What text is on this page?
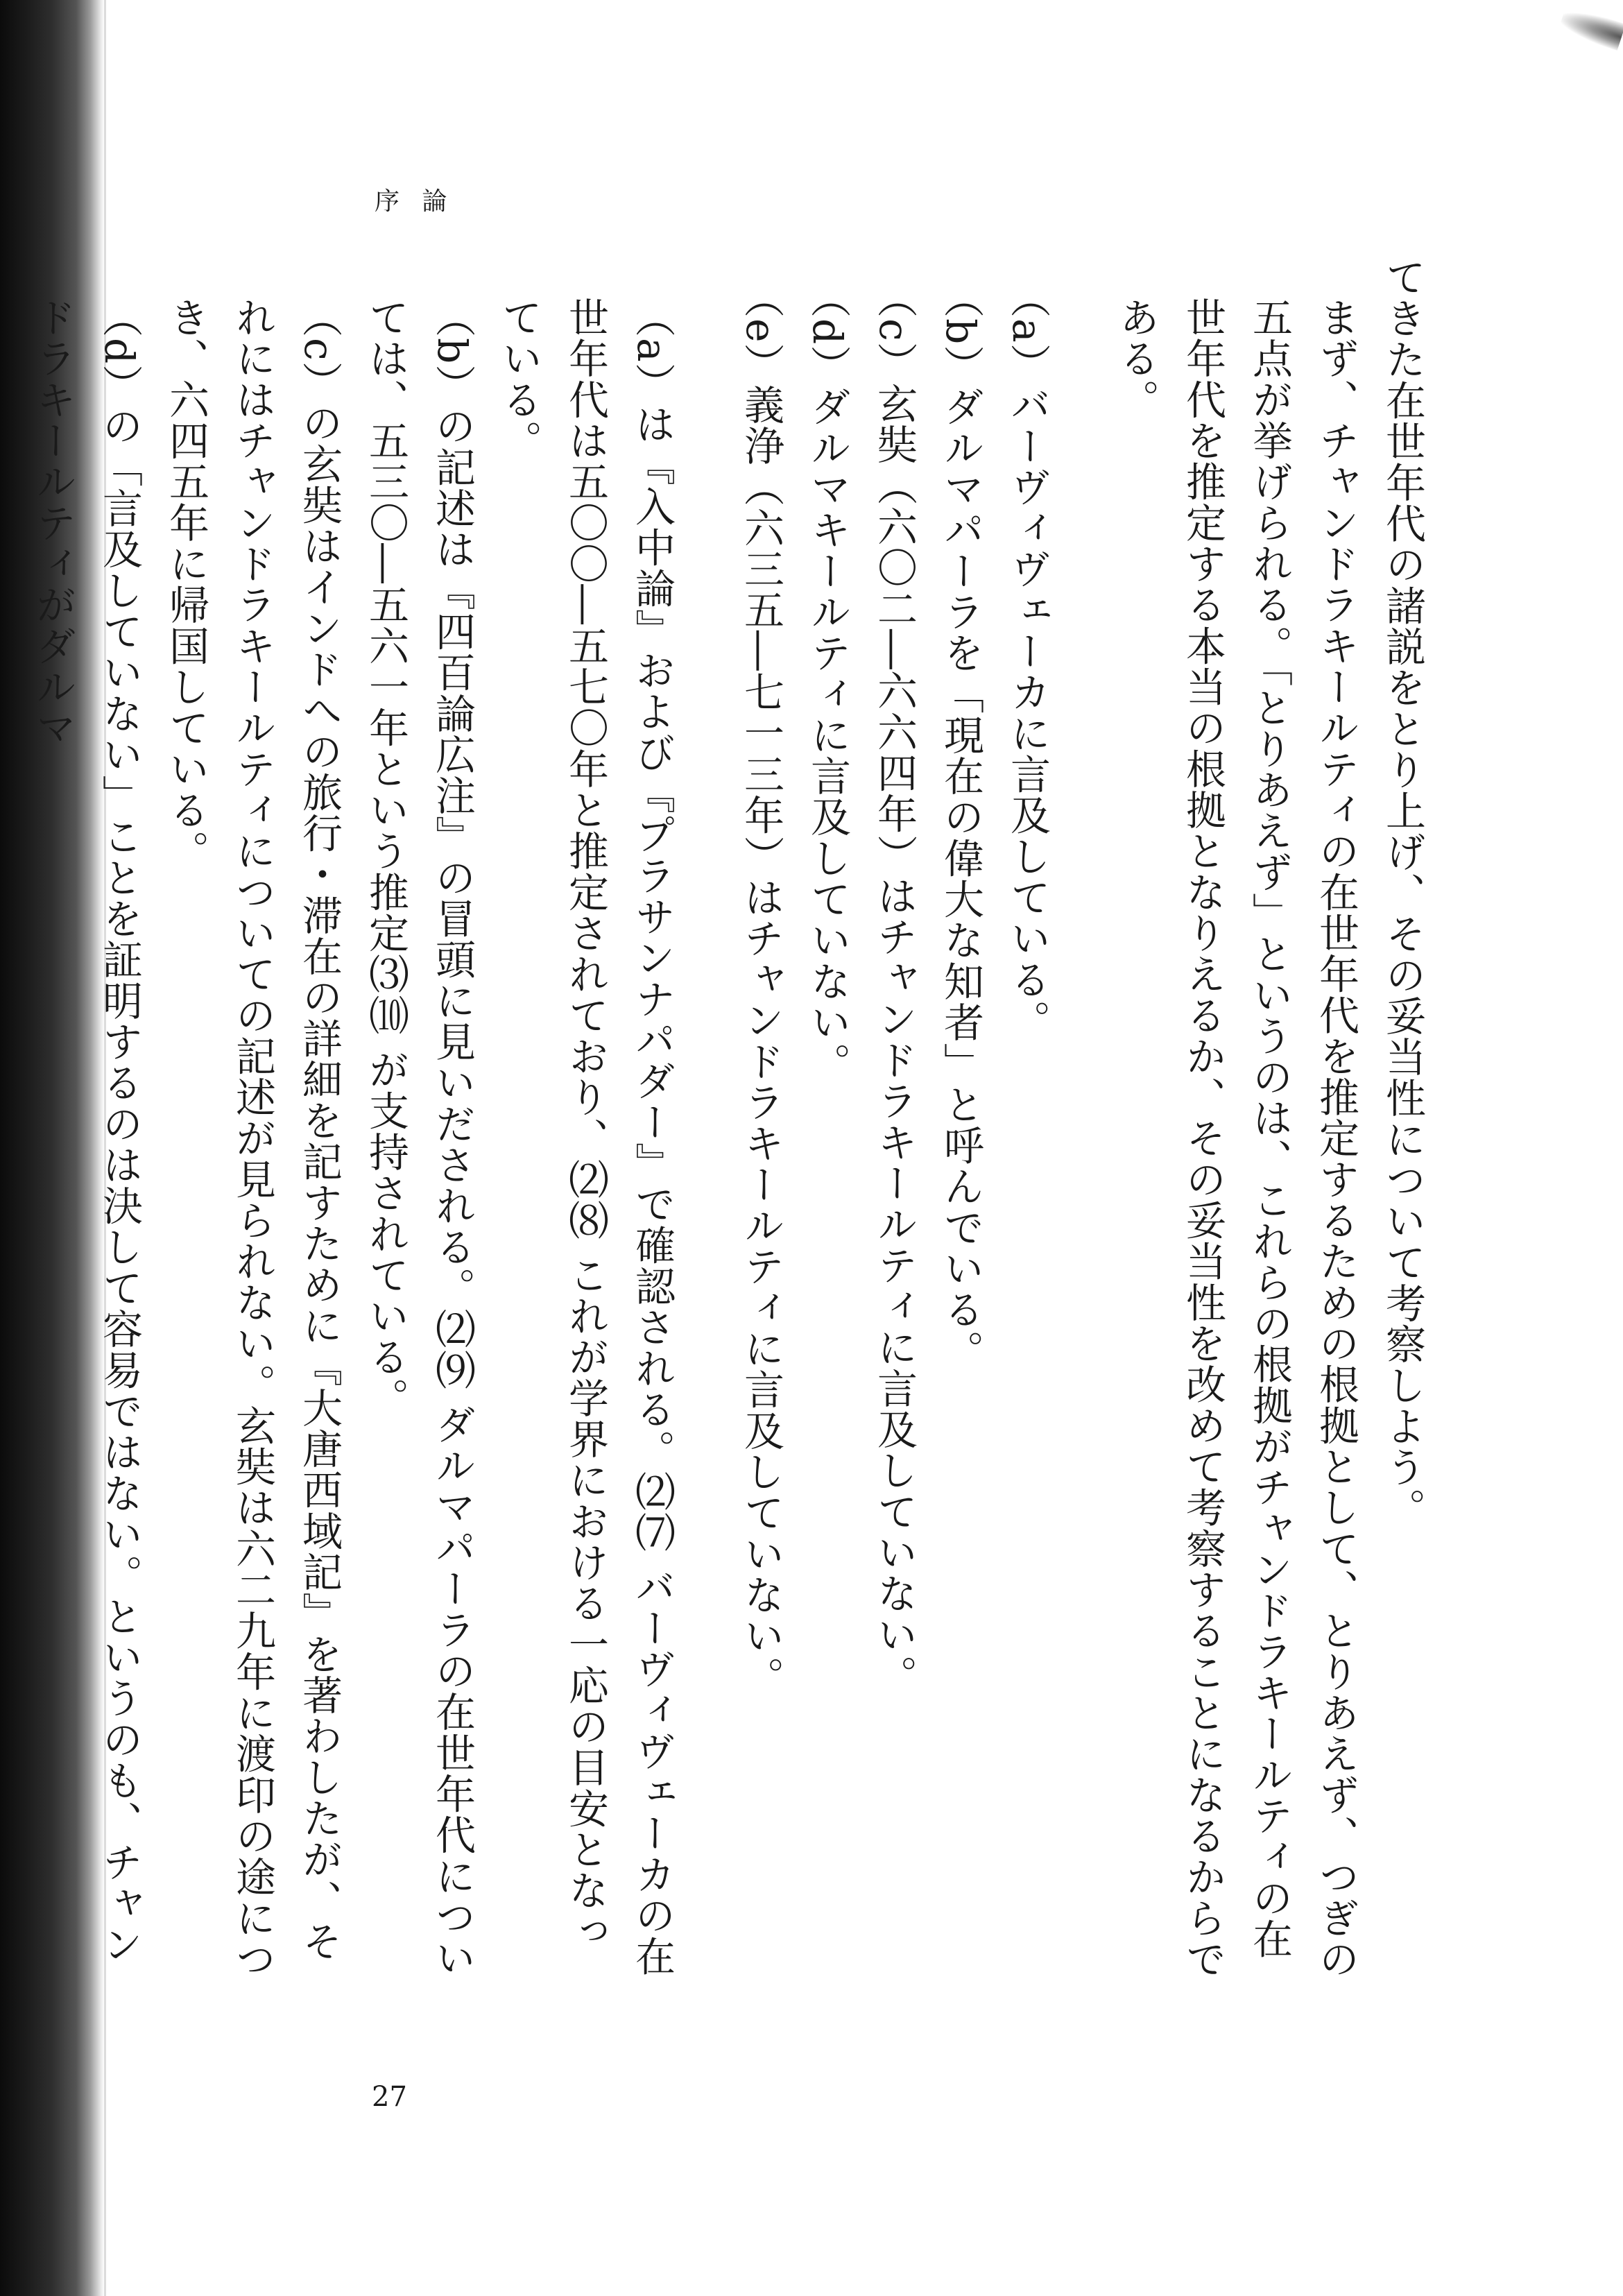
序論

てきた在世年代の諸説をとり上げ、その妥当性について考察しよう。

まず、チャンドラキールティの在世年代を推定するための根拠として、とりあえず、つぎの五点が挙げられる。「とりあえず」というのは、これらの根拠がチャンドラキールティの在世年代を推定する本当の根拠となりえるか、その妥当性を改めて考察することになるからである。

（a）バーヴィヴェーカに言及している。

（b）ダルマパーラを「現在の偉大な知者」と呼んでいる。

（c）玄奘（六〇二―六六四年）はチャンドラキールティに言及していない。

（d）ダルマキールティに言及していない。

（e）義浄（六三五―七一三年）はチャンドラキールティに言及していない。

（a）は『入中論』および『プラサンナパダー』で確認される。⑵⑺ バーヴィヴェーカの在世年代は五〇〇―五七〇年と推定されており、⑵⑻ これが学界における一応の目安となっている。

（b）の記述は『四百論広注』の冒頭に見いだされる。⑵⑼ ダルマパーラの在世年代については、五三〇―五六一年という推定⑶⑽ が支持されている。

（c）の玄奘はインドへの旅行・滞在の詳細を記すために『大唐西域記』を著わしたが、それにはチャンドラキールティについての記述が見られない。玄奘は六二九年に渡印の途につき、六四五年に帰国している。

（d）の「言及していない」ことを証明するのは決して容易ではない。というのも、チャンドラキールティがダルマ

27
